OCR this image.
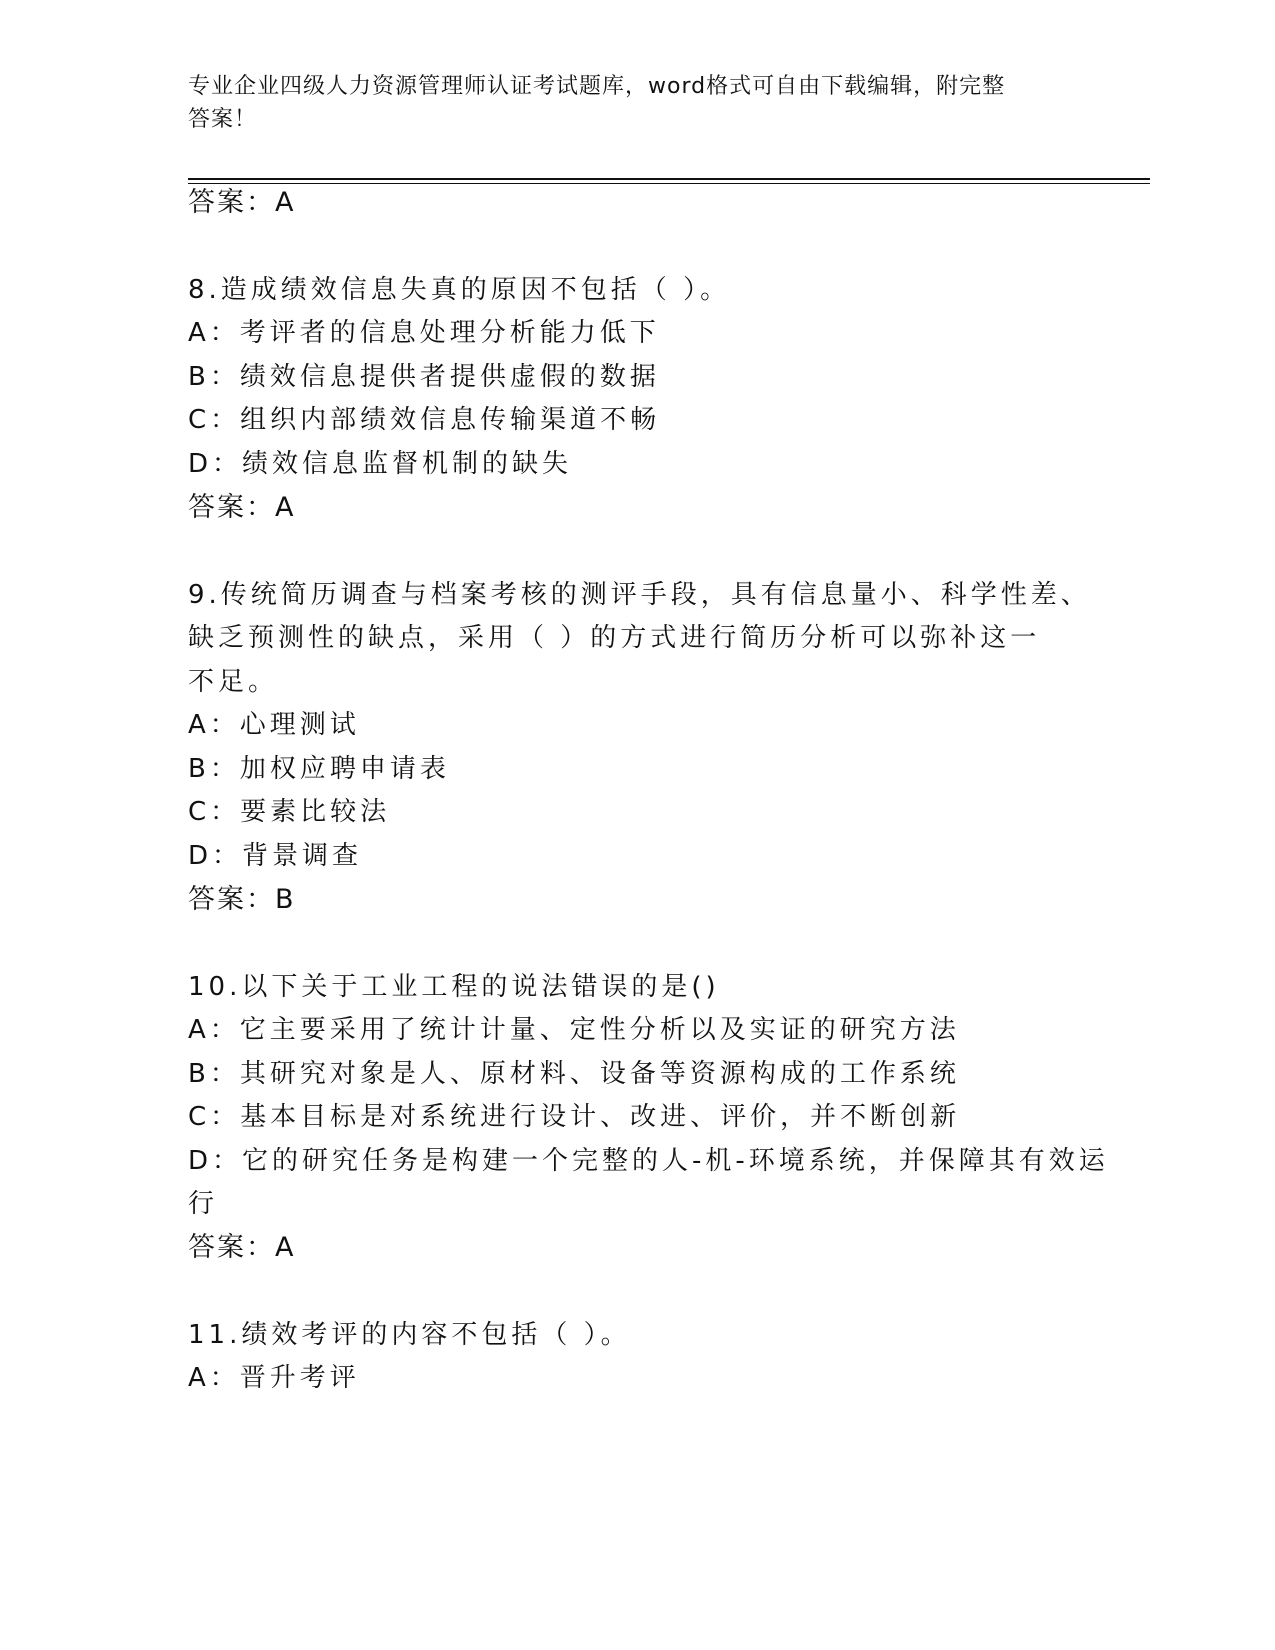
专业企业四级人力资源管理师认证考试题库，word格式可自由下载编辑，附完整
答案！
答案：A
8.造成绩效信息失真的原因不包括（ ）。
A：考评者的信息处理分析能力低下
B：绩效信息提供者提供虚假的数据
C：组织内部绩效信息传输渠道不畅
D：绩效信息监督机制的缺失
答案：A
9.传统简历调查与档案考核的测评手段，具有信息量小、科学性差、
缺乏预测性的缺点，采用（ ）的方式进行简历分析可以弥补这一
不足。
A：心理测试
B：加权应聘申请表
C：要素比较法
D：背景调查
答案：B
10.以下关于工业工程的说法错误的是()
A：它主要采用了统计计量、定性分析以及实证的研究方法
B：其研究对象是人、原材料、设备等资源构成的工作系统
C：基本目标是对系统进行设计、改进、评价，并不断创新
D：它的研究任务是构建一个完整的人-机-环境系统，并保障其有效运
行
答案：A
11.绩效考评的内容不包括（ ）。
A：晋升考评
